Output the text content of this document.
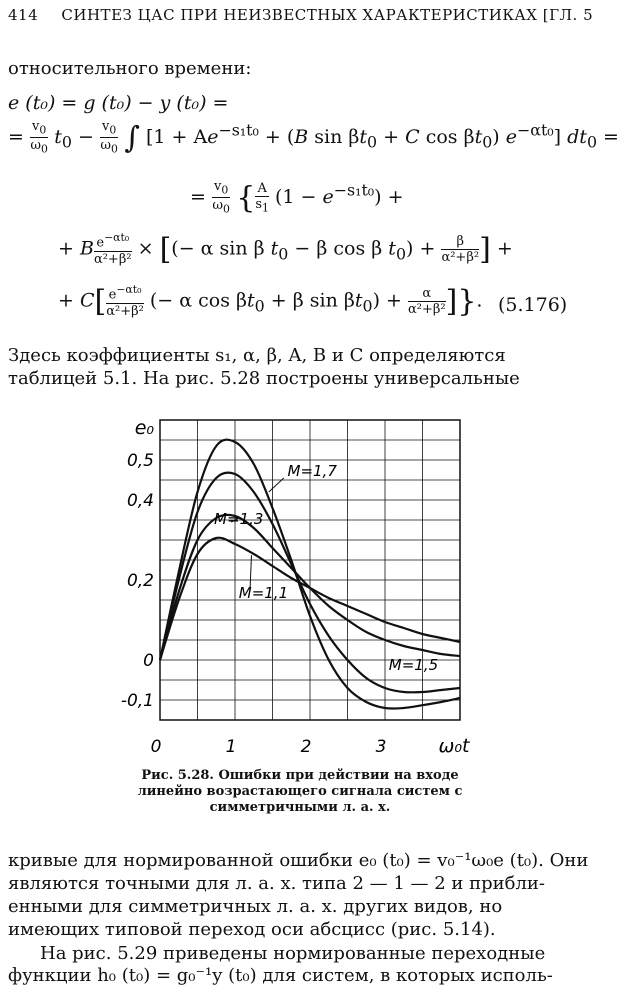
414 СИНТЕЗ ЦАС ПРИ НЕИЗВЕСТНЫХ ХАРАКТЕРИСТИКАХ [ГЛ. 5
относительного времени:
e (t₀) = g (t₀) − y (t₀) =
= $\frac{v_0}{\omega_0} t_0 - \frac{v_0}{\omega_0}$ ∫ [$1 + Ae^{-s_1t_0} + (B$ $\sin \beta t_0 + C$ $\cos \beta t_0$) $e^{-\alpha t_0}$] $dt_0$ =
= $\frac{v_0}{\omega_0}$ { $\frac{A}{s_1} (1 - e^{-s_1t_0})$ +
+ B $\frac{e^{-\alpha t_0}}{\text{α²+β²}}$ × [(− α sin β $t_0 - \beta$ cos β $t_0) + \frac{\beta}{\text{α²+β²}}$ ] +
+ $C[ \frac{e^{-\alpha t_0}}{\text{α²+β²}}$ (− α $\cos \beta t_0 + \beta$ $\sin \beta t_0) + \frac{\alpha}{\text{α²+β²}}$ ]}. (5.176)
Здесь коэффициенты s₁, α, β, A, B и C определяются
таблицей 5.1. На рис. 5.28 построены универсальные
0,5
0,4
0,2
0
-0,1
0	1	2	3
e₀
ω₀t
M=1,7
M=1,3
M=1,1
M=1,5
Рис. 5.28. Ошибки при действии на входе
линейно возрастающего сигнала систем с
симметричными л. а. х.
кривые для нормированной ошибки e₀ (t₀) = v₀⁻¹ω₀e (t₀). Они
являются точными для л. а. х. типа 2 — 1 — 2 и прибли-
енными для симметричных л. а. х. других видов, но
имеющих типовой переход оси абсцисс (рис. 5.14).
На рис. 5.29 приведены нормированные переходные
функции h₀ (t₀) = g₀⁻¹y (t₀) для систем, в которых исполь-
